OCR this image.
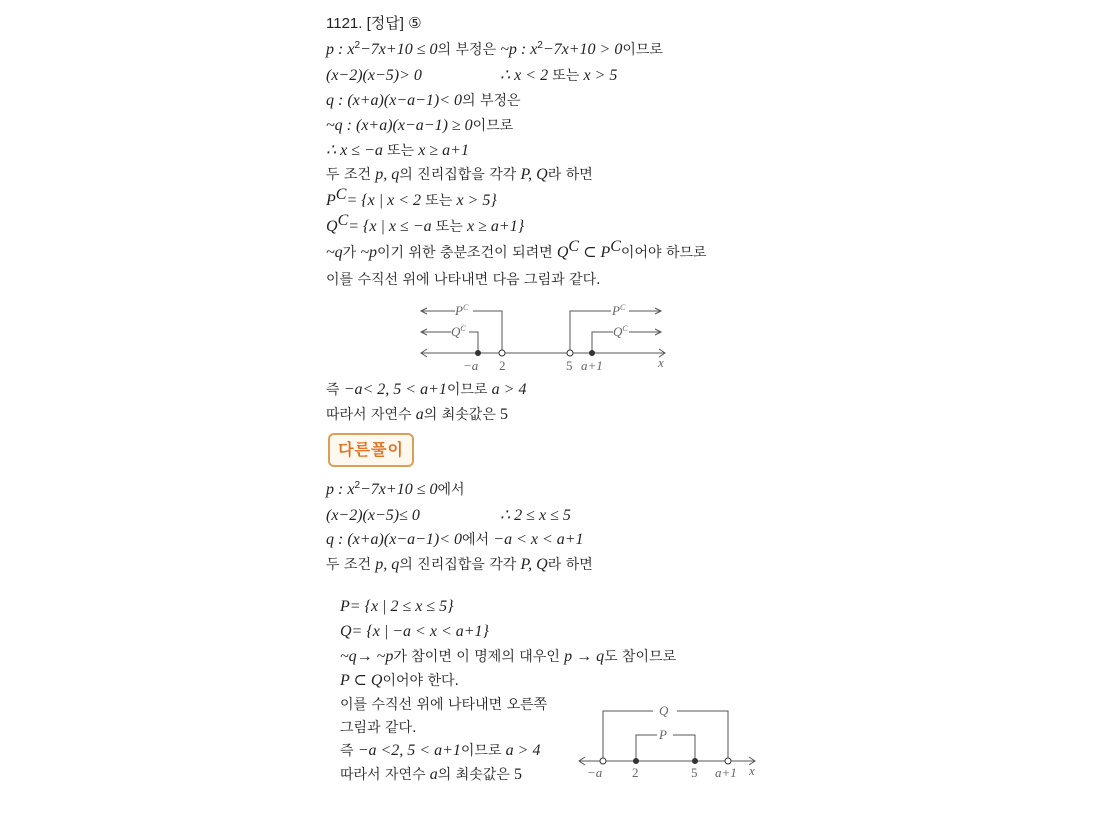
1121. [정답] ⑤
p : $x^2-7x+10 \le 0$의 부정은 ~p : $x^2-7x+10 > 0$이므로
(x−2)(x−5)> 0	∴ x < 2 또는 x > 5
q : (x+a)(x−a−1)< 0의 부정은
~q : (x+a)(x−a−1) ≥ 0이므로
∴ x ≤ −a 또는 x ≥ a+1
두 조건 p, q의 진리집합을 각각 P, Q라 하면
$P^C= \{x$ | x < 2 또는 x > 5}
$Q^C= \{x$ | x ≤ −a 또는 x ≥ a+1}
~q가 ~p이기 위한 충분조건이 되려면 $Q^C$ ⊂ $P^C$이어야 하므로
이를 수직선 위에 나타내면 다음 그림과 같다.
$P^C$
$Q^C$
$P^C$
$Q^C$
−a 2	5 a+1	x
즉 −a< 2, 5 < a+1이므로 a > 4
따라서 자연수 a의 최솟값은 5
다른풀이
p : $x^2-7x+10 \le 0$에서
(x−2)(x−5)≤ 0	∴ 2 ≤ x ≤ 5
q : (x+a)(x−a−1)< 0에서 −a < x < a+1
두 조건 p, q의 진리집합을 각각 P, Q라 하면
P= {x | 2 ≤ x ≤ 5}
Q= {x | −a < x < a+1}
~q→ ~p가 참이면 이 명제의 대우인 p → q도 참이므로
P ⊂ Q이어야 한다.
이를 수직선 위에 나타내면 오른쪽
그림과 같다.
즉 −a <2, 5 < a+1이므로 a > 4
따라서 자연수 a의 최솟값은 5
Q
P
−a 2	5 a+1 x
